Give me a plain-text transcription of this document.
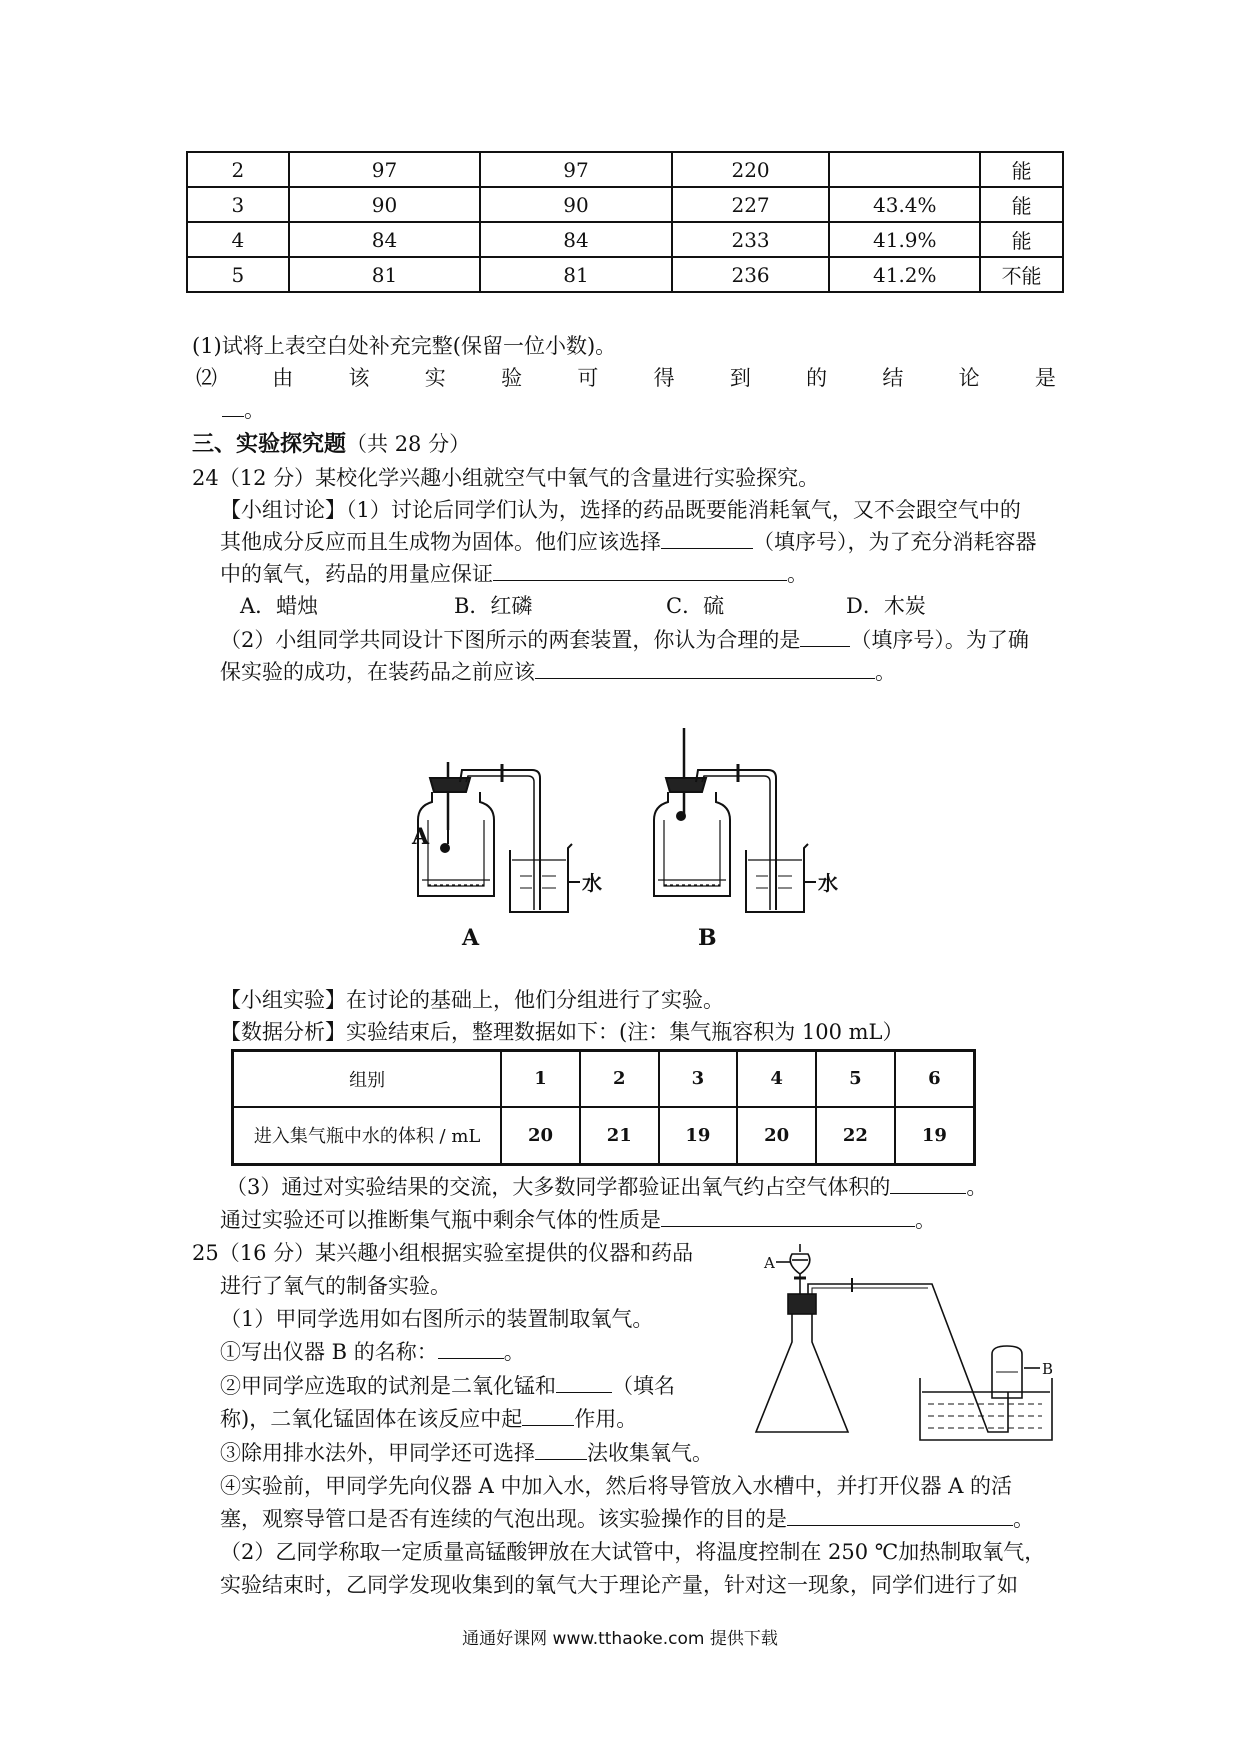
2	97	97	220		能
3	90	90	227	43.4%	能
4	84	84	233	41.9%	能
5	81	81	236	41.2%	不能
(1)试将上表空白处补充完整(保留一位小数)。
⑵	由	该	实	验	可	得	到	的	结	论	是
。
三、实验探究题（共 28 分）
24（12 分）某校化学兴趣小组就空气中氧气的含量进行实验探究。
【小组讨论】（1）讨论后同学们认为，选择的药品既要能消耗氧气，又不会跟空气中的
其他成分反应而且生成物为固体。他们应该选择	（填序号），为了充分消耗容器
中的氧气，药品的用量应保证	。
A．蜡烛	B．红磷	C．硫	D．木炭
（2）小组同学共同设计下图所示的两套装置，你认为合理的是 （填序号）。为了确
保实验的成功，在装药品之前应该	。
水
A
水
A	B
【小组实验】在讨论的基础上，他们分组进行了实验。
【数据分析】实验结束后，整理数据如下：(注：集气瓶容积为 100 mL）
组别	1	2	3	4	5	6
进入集气瓶中水的体积 / mL	20	21	19	20	22	19
（3）通过对实验结果的交流，大多数同学都验证出氧气约占空气体积的	。
通过实验还可以推断集气瓶中剩余气体的性质是	。
25（16 分）某兴趣小组根据实验室提供的仪器和药品
进行了氧气的制备实验。
（1）甲同学选用如右图所示的装置制取氧气。
①写出仪器 B 的名称：	。
②甲同学应选取的试剂是二氧化锰和	（填名
称)，二氧化锰固体在该反应中起 作用。
③除用排水法外，甲同学还可选择 法收集氧气。
④实验前，甲同学先向仪器 A 中加入水，然后将导管放入水槽中，并打开仪器 A 的活
塞，观察导管口是否有连续的气泡出现。该实验操作的目的是	。
（2）乙同学称取一定质量高锰酸钾放在大试管中，将温度控制在 250 ℃加热制取氧气，
实验结束时，乙同学发现收集到的氧气大于理论产量，针对这一现象，同学们进行了如
A
B
通通好课网 www.tthaoke.com 提供下载
